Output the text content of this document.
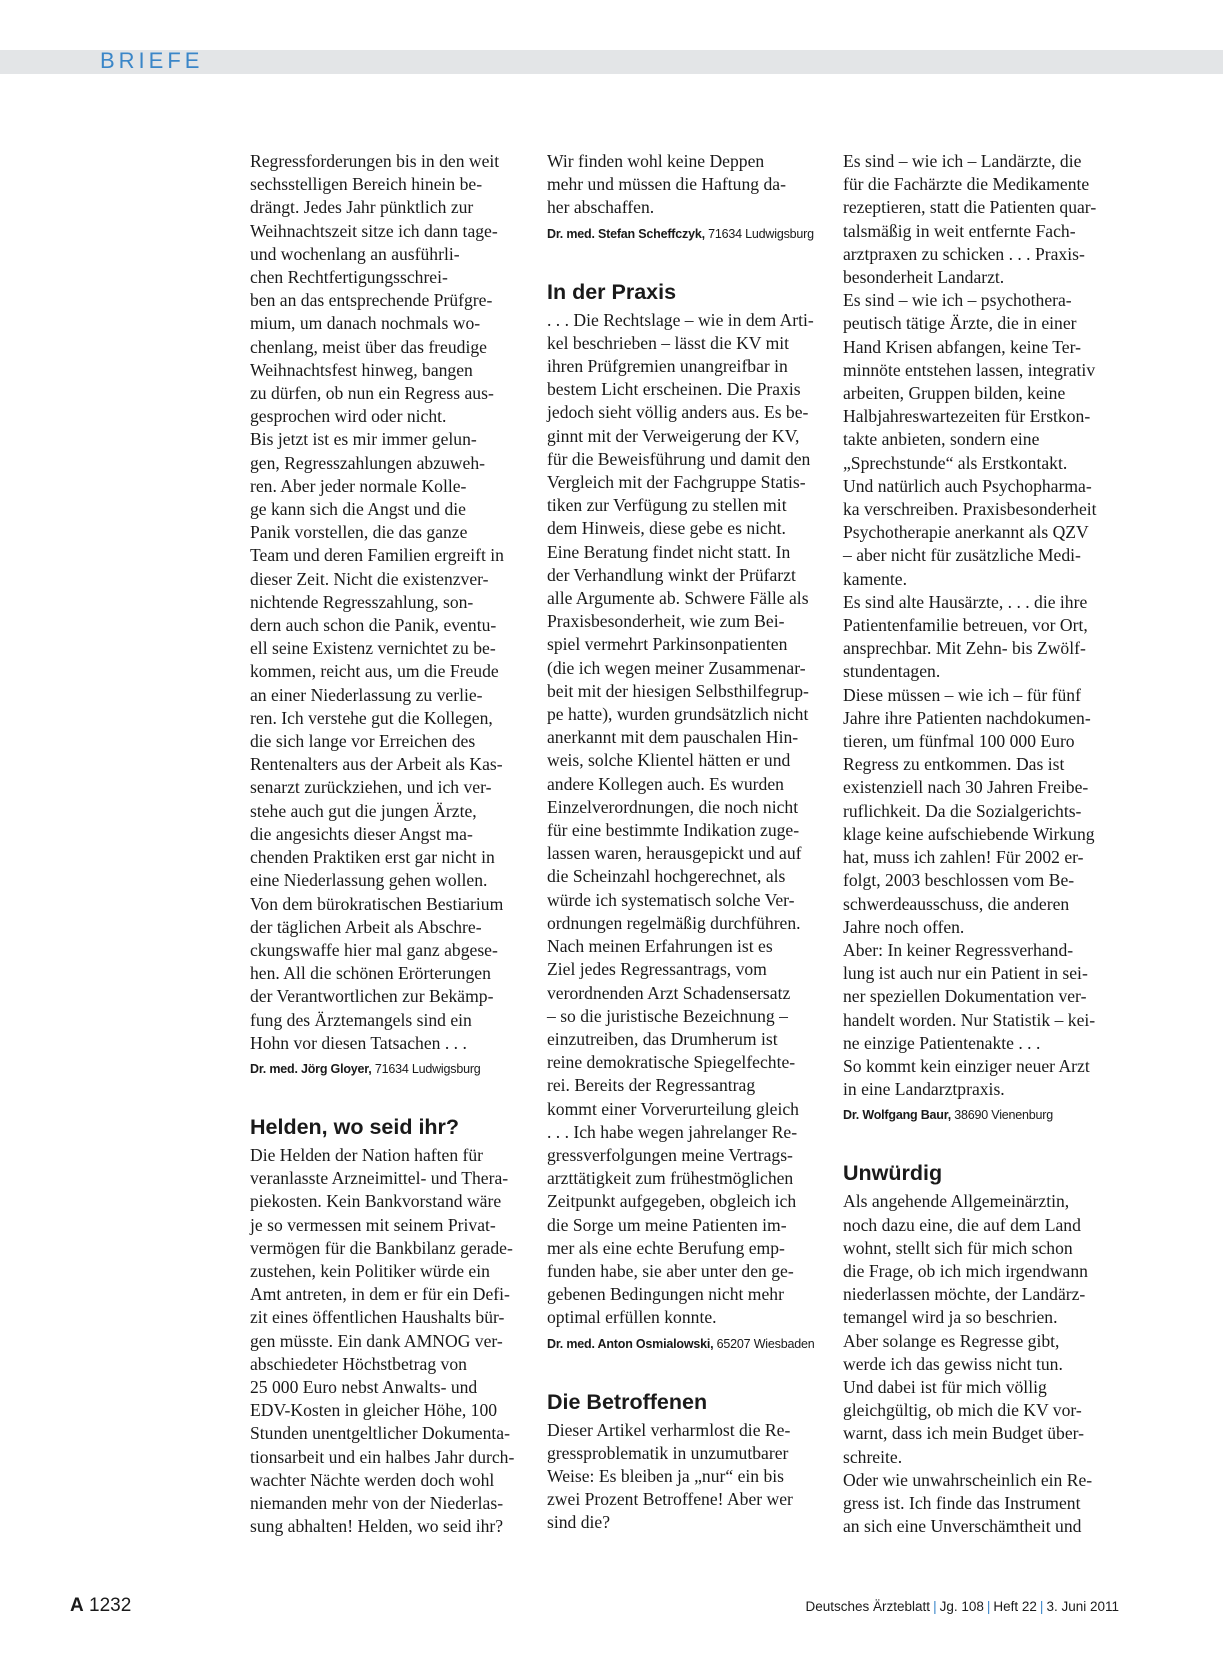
BRIEFE

Regressforderungen bis in den weit
sechsstelligen Bereich hinein be-
drängt. Jedes Jahr pünktlich zur
Weihnachtszeit sitze ich dann tage-
und wochenlang an ausführli-
chen Rechtfertigungsschrei-
ben an das entsprechende Prüfgre-
mium, um danach nochmals wo-
chenlang, meist über das freudige
Weihnachtsfest hinweg, bangen
zu dürfen, ob nun ein Regress aus-
gesprochen wird oder nicht.

Bis jetzt ist es mir immer gelun-
gen, Regresszahlungen abzuweh-
ren. Aber jeder normale Kolle-
ge kann sich die Angst und die
Panik vorstellen, die das ganze
Team und deren Familien ergreift in
dieser Zeit. Nicht die existenzver-
nichtende Regresszahlung, son-
dern auch schon die Panik, eventu-
ell seine Existenz vernichtet zu be-
kommen, reicht aus, um die Freude
an einer Niederlassung zu verlie-
ren. Ich verstehe gut die Kollegen,
die sich lange vor Erreichen des
Rentenalters aus der Arbeit als Kas-
senarzt zurückziehen, und ich ver-
stehe auch gut die jungen Ärzte,
die angesichts dieser Angst ma-
chenden Praktiken erst gar nicht in
eine Niederlassung gehen wollen.

Von dem bürokratischen Bestiarium
der täglichen Arbeit als Abschre-
ckungswaffe hier mal ganz abgese-
hen. All die schönen Erörterungen
der Verantwortlichen zur Bekämp-
fung des Ärztemangels sind ein
Hohn vor diesen Tatsachen . . .

Dr. med. Jörg Gloyer, 71634 Ludwigsburg
Helden, wo seid ihr?

Die Helden der Nation haften für
veranlasste Arzneimittel- und Thera-
piekosten. Kein Bankvorstand wäre
je so vermessen mit seinem Privat-
vermögen für die Bankbilanz gerade-
zustehen, kein Politiker würde ein
Amt antreten, in dem er für ein Defi-
zit eines öffentlichen Haushalts bür-
gen müsste. Ein dank AMNOG ver-
abschiedeter Höchstbetrag von
25 000 Euro nebst Anwalts- und
EDV-Kosten in gleicher Höhe, 100
Stunden unentgeltlicher Dokumenta-
tionsarbeit und ein halbes Jahr durch-
wachter Nächte werden doch wohl
niemanden mehr von der Niederlas-
sung abhalten! Helden, wo seid ihr?

Wir finden wohl keine Deppen
mehr und müssen die Haftung da-
her abschaffen.

Dr. med. Stefan Scheffczyk, 71634 Ludwigsburg
In der Praxis

. . . Die Rechtslage – wie in dem Arti-
kel beschrieben – lässt die KV mit
ihren Prüfgremien unangreifbar in
bestem Licht erscheinen. Die Praxis
jedoch sieht völlig anders aus. Es be-
ginnt mit der Verweigerung der KV,
für die Beweisführung und damit den
Vergleich mit der Fachgruppe Statis-
tiken zur Verfügung zu stellen mit
dem Hinweis, diese gebe es nicht.
Eine Beratung findet nicht statt. In
der Verhandlung winkt der Prüfarzt
alle Argumente ab. Schwere Fälle als
Praxisbesonderheit, wie zum Bei-
spiel vermehrt Parkinsonpatienten
(die ich wegen meiner Zusammenar-
beit mit der hiesigen Selbsthilfegrup-
pe hatte), wurden grundsätzlich nicht
anerkannt mit dem pauschalen Hin-
weis, solche Klientel hätten er und
andere Kollegen auch. Es wurden
Einzelverordnungen, die noch nicht
für eine bestimmte Indikation zuge-
lassen waren, herausgepickt und auf
die Scheinzahl hochgerechnet, als
würde ich systematisch solche Ver-
ordnungen regelmäßig durchführen.

Nach meinen Erfahrungen ist es
Ziel jedes Regressantrags, vom
verordnenden Arzt Schadensersatz
– so die juristische Bezeichnung –
einzutreiben, das Drumherum ist
reine demokratische Spiegelfechte-
rei. Bereits der Regressantrag
kommt einer Vorverurteilung gleich
. . . Ich habe wegen jahrelanger Re-
gressverfolgungen meine Vertrags-
arzttätigkeit zum frühestmöglichen
Zeitpunkt aufgegeben, obgleich ich
die Sorge um meine Patienten im-
mer als eine echte Berufung emp-
funden habe, sie aber unter den ge-
gebenen Bedingungen nicht mehr
optimal erfüllen konnte.

Dr. med. Anton Osmialowski, 65207 Wiesbaden
Die Betroffenen

Dieser Artikel verharmlost die Re-
gressproblematik in unzumutbarer
Weise: Es bleiben ja „nur“ ein bis
zwei Prozent Betroffene! Aber wer
sind die?

Es sind – wie ich – Landärzte, die
für die Fachärzte die Medikamente
rezeptieren, statt die Patienten quar-
talsmäßig in weit entfernte Fach-
arztpraxen zu schicken . . . Praxis-
besonderheit Landarzt.

Es sind – wie ich – psychothera-
peutisch tätige Ärzte, die in einer
Hand Krisen abfangen, keine Ter-
minnöte entstehen lassen, integrativ
arbeiten, Gruppen bilden, keine
Halbjahreswartezeiten für Erstkon-
takte anbieten, sondern eine
„Sprechstunde“ als Erstkontakt.
Und natürlich auch Psychopharma-
ka verschreiben. Praxisbesonderheit
Psychotherapie anerkannt als QZV
– aber nicht für zusätzliche Medi-
kamente.

Es sind alte Hausärzte, . . . die ihre
Patientenfamilie betreuen, vor Ort,
ansprechbar. Mit Zehn- bis Zwölf-
stundentagen.

Diese müssen – wie ich – für fünf
Jahre ihre Patienten nachdokumen-
tieren, um fünfmal 100 000 Euro
Regress zu entkommen. Das ist
existenziell nach 30 Jahren Freibe-
ruflichkeit. Da die Sozialgerichts-
klage keine aufschiebende Wirkung
hat, muss ich zahlen! Für 2002 er-
folgt, 2003 beschlossen vom Be-
schwerdeausschuss, die anderen
Jahre noch offen.

Aber: In keiner Regressverhand-
lung ist auch nur ein Patient in sei-
ner speziellen Dokumentation ver-
handelt worden. Nur Statistik – kei-
ne einzige Patientenakte . . .
So kommt kein einziger neuer Arzt
in eine Landarztpraxis.

Dr. Wolfgang Baur, 38690 Vienenburg
Unwürdig

Als angehende Allgemeinärztin,
noch dazu eine, die auf dem Land
wohnt, stellt sich für mich schon
die Frage, ob ich mich irgendwann
niederlassen möchte, der Landärz-
temangel wird ja so beschrien.
Aber solange es Regresse gibt,
werde ich das gewiss nicht tun.
Und dabei ist für mich völlig
gleichgültig, ob mich die KV vor-
warnt, dass ich mein Budget über-
schreite.

Oder wie unwahrscheinlich ein Re-
gress ist. Ich finde das Instrument
an sich eine Unverschämtheit und

A 1232	Deutsches Ärzteblatt | Jg. 108 | Heft 22 | 3. Juni 2011
